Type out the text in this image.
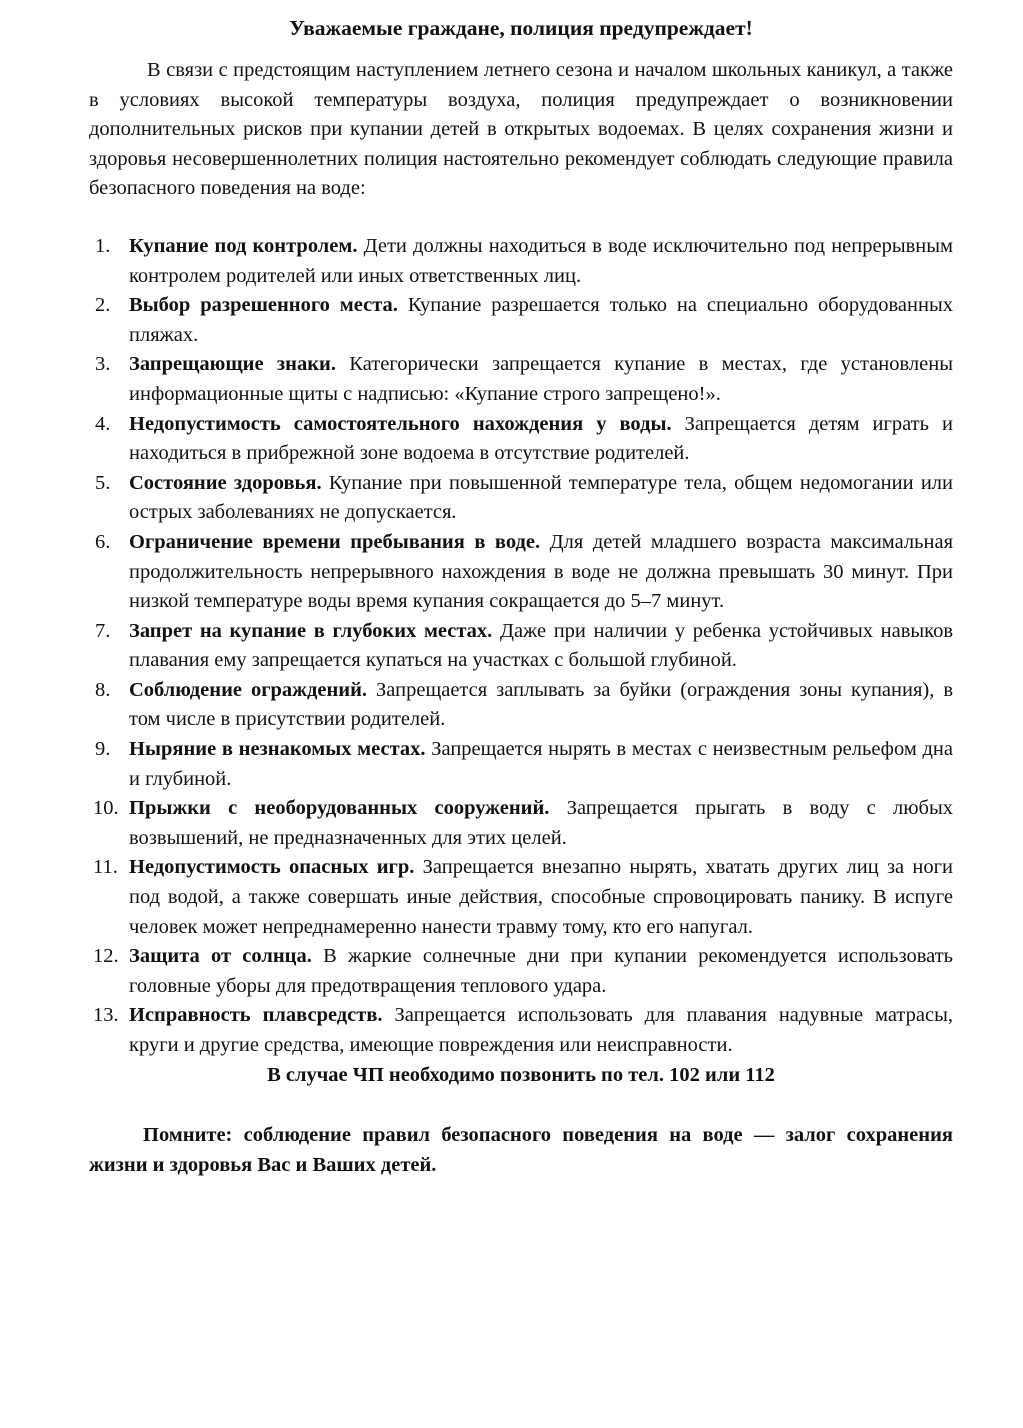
Уважаемые граждане, полиция предупреждает!

В связи с предстоящим наступлением летнего сезона и началом школьных каникул, а также в условиях высокой температуры воздуха, полиция предупреждает о возникновении дополнительных рисков при купании детей в открытых водоемах. В целях сохранения жизни и здоровья несовершеннолетних полиция настоятельно рекомендует соблюдать следующие правила безопасного поведения на воде:

1. Купание под контролем. Дети должны находиться в воде исключительно под непрерывным контролем родителей или иных ответственных лиц.
2. Выбор разрешенного места. Купание разрешается только на специально оборудованных пляжах.
3. Запрещающие знаки. Категорически запрещается купание в местах, где установлены информационные щиты с надписью: «Купание строго запрещено!».
4. Недопустимость самостоятельного нахождения у воды. Запрещается детям играть и находиться в прибрежной зоне водоема в отсутствие родителей.
5. Состояние здоровья. Купание при повышенной температуре тела, общем недомогании или острых заболеваниях не допускается.
6. Ограничение времени пребывания в воде. Для детей младшего возраста максимальная продолжительность непрерывного нахождения в воде не должна превышать 30 минут. При низкой температуре воды время купания сокращается до 5–7 минут.
7. Запрет на купание в глубоких местах. Даже при наличии у ребенка устойчивых навыков плавания ему запрещается купаться на участках с большой глубиной.
8. Соблюдение ограждений. Запрещается заплывать за буйки (ограждения зоны купания), в том числе в присутствии родителей.
9. Ныряние в незнакомых местах. Запрещается нырять в местах с неизвестным рельефом дна и глубиной.
10. Прыжки с необорудованных сооружений. Запрещается прыгать в воду с любых возвышений, не предназначенных для этих целей.
11. Недопустимость опасных игр. Запрещается внезапно нырять, хватать других лиц за ноги под водой, а также совершать иные действия, способные спровоцировать панику. В испуге человек может непреднамеренно нанести травму тому, кто его напугал.
12. Защита от солнца. В жаркие солнечные дни при купании рекомендуется использовать головные уборы для предотвращения теплового удара.
13. Исправность плавсредств. Запрещается использовать для плавания надувные матрасы, круги и другие средства, имеющие повреждения или неисправности.

В случае ЧП необходимо позвонить по тел. 102 или 112

Помните: соблюдение правил безопасного поведения на воде — залог сохранения жизни и здоровья Вас и Ваших детей.
